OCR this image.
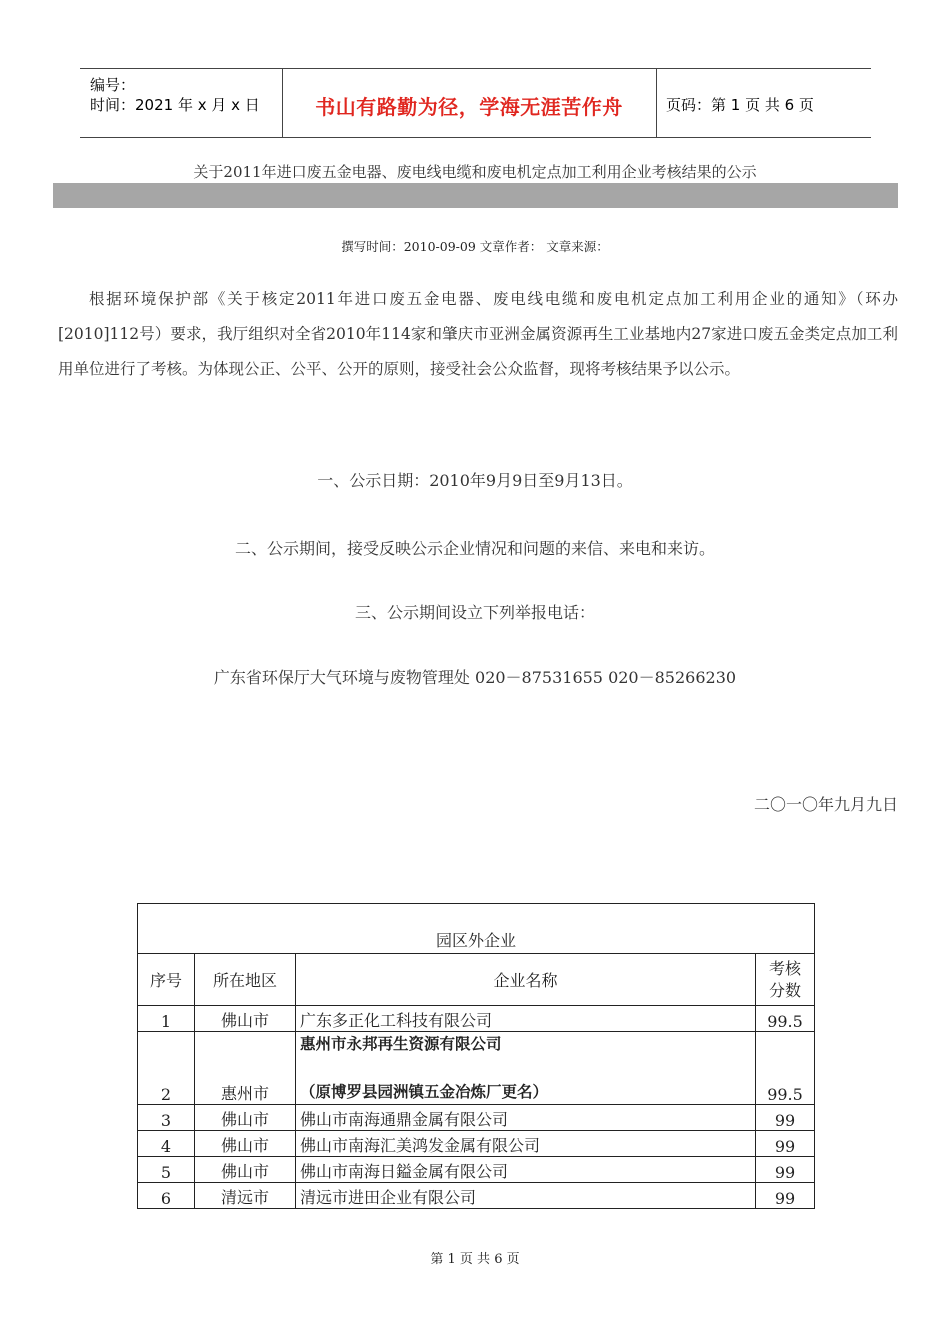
编号：
时间：2021 年 x 月 x 日	书山有路勤为径，学海无涯苦作舟	页码：第 1 页 共 6 页
关于2011年进口废五金电器、废电线电缆和废电机定点加工利用企业考核结果的公示
撰写时间：2010-09-09 文章作者： 文章来源：

根据环境保护部《关于核定2011年进口废五金电器、废电线电缆和废电机定点加工利用企业的通知》（环办[2010]112号）要求，我厅组织对全省2010年114家和肇庆市亚洲金属资源再生工业基地内27家进口废五金类定点加工利用单位进行了考核。为体现公正、公平、公开的原则，接受社会公众监督，现将考核结果予以公示。

一、公示日期：2010年9月9日至9月13日。
二、公示期间，接受反映公示企业情况和问题的来信、来电和来访。
三、公示期间设立下列举报电话：
广东省环保厅大气环境与废物管理处 020－87531655 020－85266230
二〇一〇年九月九日
园区外企业			
序号	所在地区	企业名称	考核
分数

1	佛山市	广东多正化工科技有限公司	99.5
2	惠州市	惠州市永邦再生资源有限公司
（原博罗县园洲镇五金冶炼厂更名）	99.5
3	佛山市	佛山市南海通鼎金属有限公司	99
4	佛山市	佛山市南海汇美鸿发金属有限公司	99
5	佛山市	佛山市南海日鎰金属有限公司	99
6	清远市	清远市进田企业有限公司	99
第 1 页 共 6 页
